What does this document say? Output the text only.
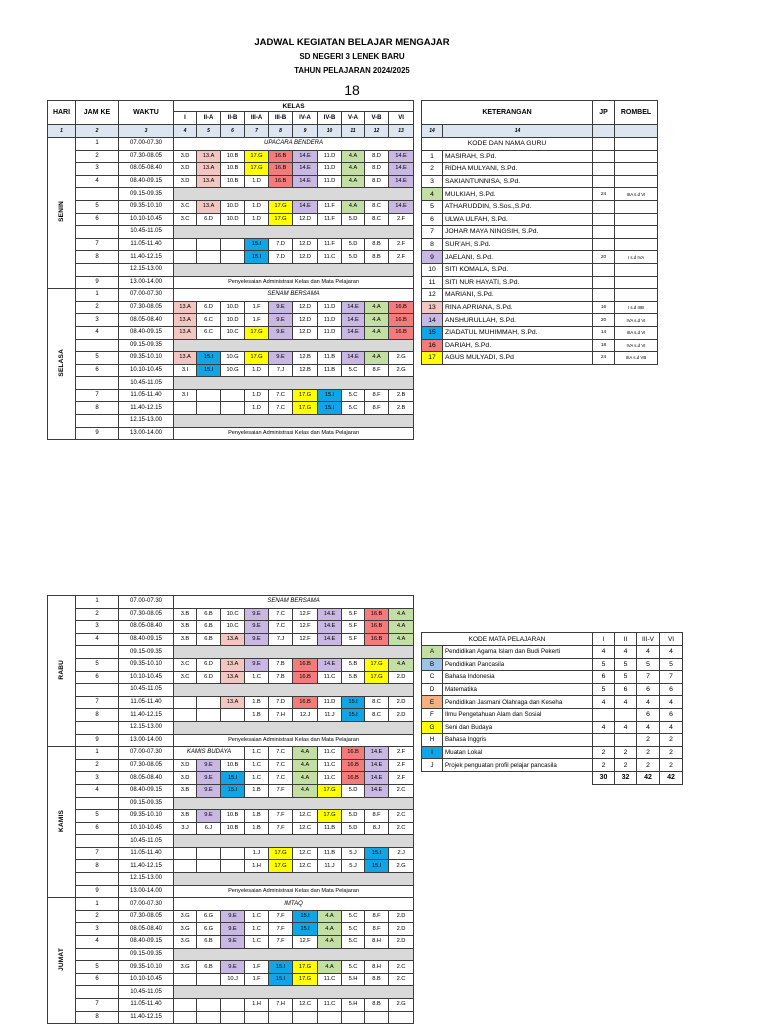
JADWAL KEGIATAN BELAJAR MENGAJAR
SD NEGERI 3 LENEK BARU
TAHUN PELAJARAN 2024/2025
18
HARI	JAM KE	WAKTU	KELAS									
			I	II-A	II-B	III-A	III-B	IV-A	IV-B	V-A	V-B	VI
1	2	3	4	5	6	7	8	9	10	11	12	13
SENIN	1	07.00-07.30	UPACARA BENDERA									
	2	07.30-08.05	3.D	13.A	10.B	17.G	16.B	14.E	11.D	4.A	8.D	14.E
	3	08.05-08.40	3.D	13.A	10.B	17.G	16.B	14.E	11.D	4.A	8.D	14.E
	4	08.40-09.15	3.D	13.A	10.B	1.D	16.B	14.E	11.D	4.A	8.D	14.E
		09.15-09.35										
	5	09.35-10.10	3.C	13.A	10.D	1.D	17.G	14.E	11.F	4.A	8.C	14.E
	6	10.10-10.45	3.C	6.D	10.D	1.D	17.G	12.D	11.F	5.D	8.C	2.F
		10.45-11.05										
	7	11.05-11.40				15.I	7.D	12.D	11.F	5.D	8.B	2.F
	8	11.40-12.15				15.I	7.D	12.D	11.C	5.D	8.B	2.F
		12.15-13.00										
	9	13.00-14.00	Penyelesaian Administrasi Kelas dan Mata Pelajaran									
SELASA	1	07.00-07.30	SENAM BERSAMA									
	2	07.30-08.05	13.A	6.D	10.D	1.F	9.E	12.D	11.D	14.E	4.A	16.B
	3	08.05-08.40	13.A	6.C	10.D	1.F	9.E	12.D	11.D	14.E	4.A	16.B
	4	08.40-09.15	13.A	6.C	10.C	17.G	9.E	12.D	11.D	14.E	4.A	16.B
		09.15-09.35										
	5	09.35-10.10	13.A	15.I	10.G	17.G	9.E	12.B	11.B	14.E	4.A	2.G
	6	10.10-10.45	3.I	15.I	10.G	1.D	7.J	12.B	11.B	5.C	8.F	2.G
		10.45-11.05										
	7	11.05-11.40	3.I			1.D	7.C	17.G	15.I	5.C	8.F	2.B
	8	11.40-12.15				1.D	7.C	17.G	15.I	5.C	8.F	2.B
		12.15-13.00										
	9	13.00-14.00	Penyelesaian Administrasi Kelas dan Mata Pelajaran									
KETERANGAN		JP	ROMBEL
14	14		
KODE DAN NAMA GURU			
1	MASIRAH, S.Pd.		
2	RIDHA MULYANI, S.Pd.		
3	SAKIANTUNNISA, S.Pd.		
4	MULKIAH, S.Pd.	24	IIIA s.d VI
5	ATHARUDDIN, S.Sos.,S.Pd.		
6	ULWA ULFAH, S.Pd.		
7	JOHAR MAYA NINGSIH, S.Pd.		
8	SUR'AH, S.Pd.		
9	JAELANI, S.Pd.	20	I s.d IVA
10	SITI KOMALA, S.Pd.		
11	SITI NUR HAYATI, S.Pd.		
12	MARIANI, S.Pd.		
13	RINA APRIANA, S.Pd.	16	I s.d IIIB
14	ANSHURULLAH, S.Pd.	20	IVA s.d VI
15	ZIADATUL MUHIMMAH, S.Pd.	14	IIIA s.d VI
16	DARIAH, S.Pd.	18	IVA s.d VI
17	AGUS MULYADI, S.Pd	24	IIIA s.d VB
RABU	1	07.00-07.30	SENAM BERSAMA									
	2	07.30-08.05	3.B	6.B	10.C	9.E	7.C	12.F	14.E	5.F	16.B	4.A
	3	08.05-08.40	3.B	6.B	10.C	9.E	7.C	12.F	14.E	5.F	16.B	4.A
	4	08.40-09.15	3.B	6.B	13.A	9.E	7.J	12.F	14.E	5.F	16.B	4.A
		09.15-09.35										
	5	09.35-10.10	3.C	6.D	13.A	9.E	7.B	16.B	14.E	5.B	17.G	4.A
	6	10.10-10.45	3.C	6.D	13.A	1.C	7.B	16.B	11.C	5.B	17.G	2.D
		10.45-11.05										
	7	11.05-11.40			13.A	1.B	7.D	16.B	11.D	15.I	8.C	2.D
	8	11.40-12.15				1.B	7.H	12.J	11.J	15.I	8.C	2.D
		12.15-13.00										
	9	13.00-14.00	Penyelesaian Administrasi Kelas dan Mata Pelajaran									
KAMIS	1	07.00-07.30	KAMIS BUDAYA			1.C	7.C	4.A	11.C	16.B	14.E	2.F
	2	07.30-08.05	3.D	9.E	10.B	1.C	7.C	4.A	11.C	16.B	14.E	2.F
	3	08.05-08.40	3.D	9.E	15.I	1.C	7.C	4.A	11.C	16.B	14.E	2.F
	4	08.40-09.15	3.B	9.E	15.I	1.B	7.F	4.A	17.G	5.D	14.E	2.C
		09.15-09.35										
	5	09.35-10.10	3.B	9.E	10.B	1.B	7.F	12.C	17.G	5.D	8.F	2.C
	6	10.10-10.45	3.J	6.J	10.B	1.B	7.F	12.C	11.B	5.D	8.J	2.C
		10.45-11.05										
	7	11.05-11.40				1.J	17.G	12.C	11.B	5.J	15.I	2.J
	8	11.40-12.15				1.H	17.G	12.C	11.J	5.J	15.I	2.G
		12.15-13.00										
	9	13.00-14.00	Penyelesaian Administrasi Kelas dan Mata Pelajaran									
JUMAT	1	07.00-07.30	IMTAQ									
	2	07.30-08.05	3.G	6.G	9.E	1.C	7.F	15.I	4.A	5.C	8.F	2.D
	3	08.05-08.40	3.G	6.G	9.E	1.C	7.F	15.I	4.A	5.C	8.F	2.D
	4	08.40-09.15	3.G	6.B	9.E	1.C	7.F	12.F	4.A	5.C	8.H	2.D
		09.15-09.35										
	5	09.35-10.10	3.G	6.B	9.E	1.F	15.I	17.G	4.A	5.C	8.H	2.C
	6	10.10-10.45			10.J	1.F	15.I	17.G	11.C	5.H	8.B	2.C
		10.45-11.05										
	7	11.05-11.40				1.H	7.H	12.C	11.C	5.H	8.B	2.G
	8	11.40-12.15										
KODE MATA PELAJARAN		I	II	III-V	VI
A	Pendidikan Agama Islam dan Budi Pekerti	4	4	4	4
B	Pendidikan Pancasila	5	5	5	5
C	Bahasa Indonesia	6	5	7	7
D	Matematika	5	6	6	6
E	Pendidikan Jasmani Olahraga dan Keseha	4	4	4	4
F	Ilmu Pengetahuan Alam dan Sosial			6	6
G	Seni dan Budaya	4	4	4	4
H	Bahasa Inggris			2	2
I	Muatan Lokal	2	2	2	2
J	Projek penguatan profil pelajar pancasila	2	2	2	2
		30	32	42	42
